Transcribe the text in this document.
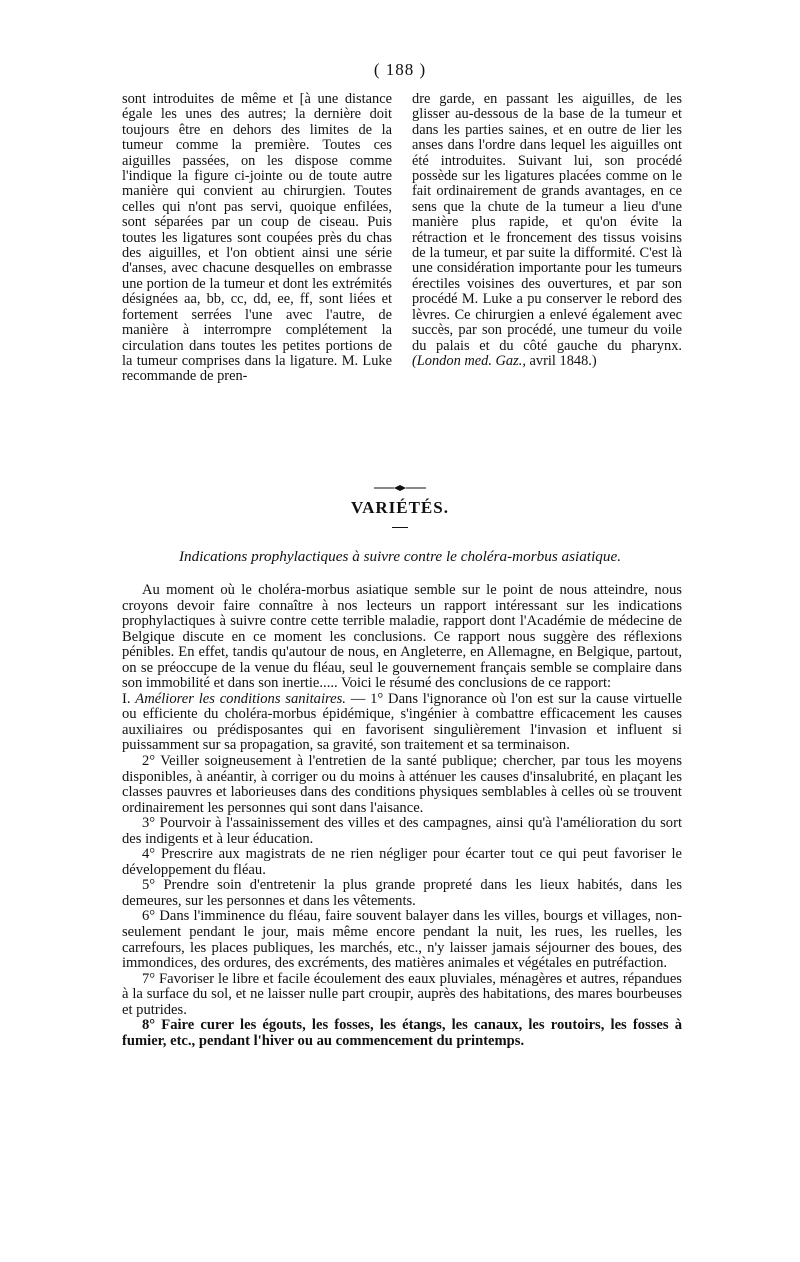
( 188 )
sont introduites de même et [à une distance égale les unes des autres; la dernière doit toujours être en dehors des limites de la tumeur comme la première. Toutes ces aiguilles passées, on les dispose comme l'indique la figure ci-jointe ou de toute autre manière qui convient au chirurgien. Toutes celles qui n'ont pas servi, quoique enfilées, sont séparées par un coup de ciseau. Puis toutes les ligatures sont coupées près du chas des aiguilles, et l'on obtient ainsi une série d'anses, avec chacune desquelles on embrasse une portion de la tumeur et dont les extrémités désignées aa, bb, cc, dd, ee, ff, sont liées et fortement serrées l'une avec l'autre, de manière à interrompre complétement la circulation dans toutes les petites portions de la tumeur comprises dans la ligature. M. Luke recommande de pren-
dre garde, en passant les aiguilles, de les glisser au-dessous de la base de la tumeur et dans les parties saines, et en outre de lier les anses dans l'ordre dans lequel les aiguilles ont été introduites. Suivant lui, son procédé possède sur les ligatures placées comme on le fait ordinairement de grands avantages, en ce sens que la chute de la tumeur a lieu d'une manière plus rapide, et qu'on évite la rétraction et le froncement des tissus voisins de la tumeur, et par suite la difformité. C'est là une considération importante pour les tumeurs érectiles voisines des ouvertures, et par son procédé M. Luke a pu conserver le rebord des lèvres. Ce chirurgien a enlevé également avec succès, par son procédé, une tumeur du voile du palais et du côté gauche du pharynx. (London med. Gaz., avril 1848.)
VARIÉTÉS.
Indications prophylactiques à suivre contre le choléra-morbus asiatique.

Au moment où le choléra-morbus asiatique semble sur le point de nous atteindre, nous croyons devoir faire connaître à nos lecteurs un rapport intéressant sur les indications prophylactiques à suivre contre cette terrible maladie, rapport dont l'Académie de médecine de Belgique discute en ce moment les conclusions. Ce rapport nous suggère des réflexions pénibles. En effet, tandis qu'autour de nous, en Angleterre, en Allemagne, en Belgique, partout, on se préoccupe de la venue du fléau, seul le gouvernement français semble se complaire dans son immobilité et dans son inertie..... Voici le résumé des conclusions de ce rapport:

I. Améliorer les conditions sanitaires. — 1° Dans l'ignorance où l'on est sur la cause virtuelle ou efficiente du choléra-morbus épidémique, s'ingénier à combattre efficacement les causes auxiliaires ou prédisposantes qui en favorisent singulièrement l'invasion et influent si puissamment sur sa propagation, sa gravité, son traitement et sa terminaison.

2° Veiller soigneusement à l'entretien de la santé publique; chercher, par tous les moyens disponibles, à anéantir, à corriger ou du moins à atténuer les causes d'insalubrité, en plaçant les classes pauvres et laborieuses dans des conditions physiques semblables à celles où se trouvent ordinairement les personnes qui sont dans l'aisance.

3° Pourvoir à l'assainissement des villes et des campagnes, ainsi qu'à l'amélioration du sort des indigents et à leur éducation.

4° Prescrire aux magistrats de ne rien négliger pour écarter tout ce qui peut favoriser le développement du fléau.

5° Prendre soin d'entretenir la plus grande propreté dans les lieux habités, dans les demeures, sur les personnes et dans les vêtements.

6° Dans l'imminence du fléau, faire souvent balayer dans les villes, bourgs et villages, non-seulement pendant le jour, mais même encore pendant la nuit, les rues, les ruelles, les carrefours, les places publiques, les marchés, etc., n'y laisser jamais séjourner des boues, des immondices, des ordures, des excréments, des matières animales et végétales en putréfaction.

7° Favoriser le libre et facile écoulement des eaux pluviales, ménagères et autres, répandues à la surface du sol, et ne laisser nulle part croupir, auprès des habitations, des mares bourbeuses et putrides.

8° Faire curer les égouts, les fosses, les étangs, les canaux, les routoirs, les fosses à fumier, etc., pendant l'hiver ou au commencement du printemps.
